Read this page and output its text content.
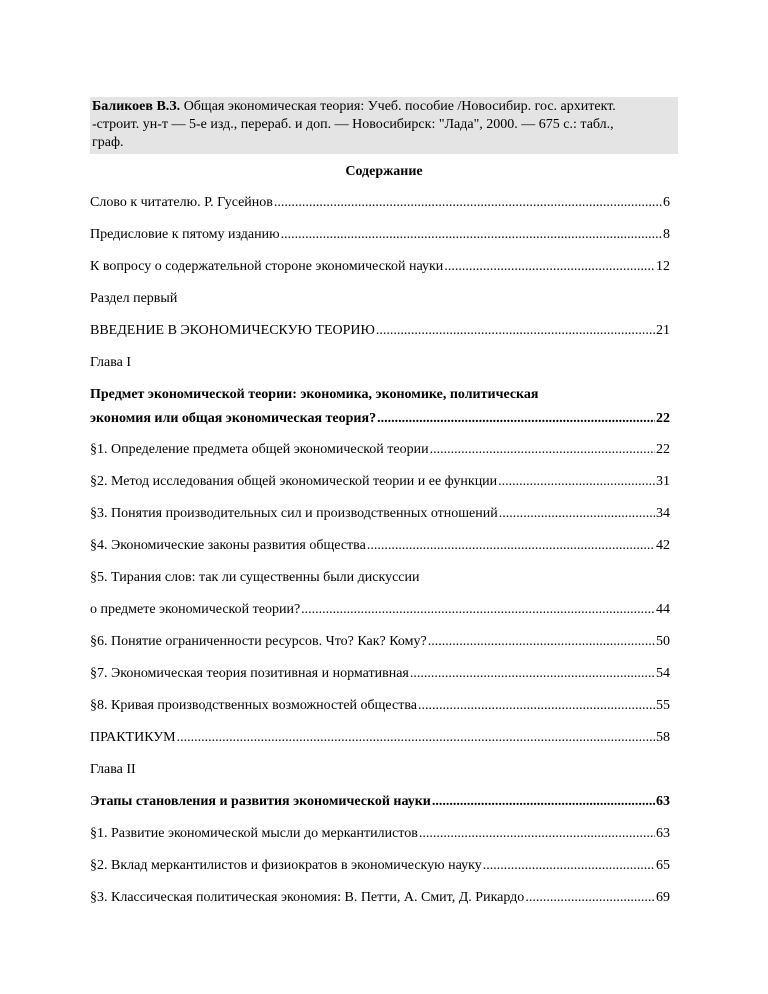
Баликоев В.З. Общая экономическая теория: Учеб. пособие /Новосибир. гос. архитект.
-строит. ун-т — 5-е изд., перераб. и доп. — Новосибирск: "Лада", 2000. — 675 с.: табл.,
граф.
Содержание
Слово к читателю. Р. Гусейнов .....	6
Предисловие к пятому изданию .....	8
К вопросу о содержательной стороне экономической науки .....	12
Раздел первый
ВВЕДЕНИЕ В ЭКОНОМИЧЕСКУЮ ТЕОРИЮ .....	21
Глава I
Предмет экономической теории: экономика, экономике, политическая
экономия или общая экономическая теория? .....	22
§1. Определение предмета общей экономической теории .....	22
§2. Метод исследования общей экономической теории и ее функции .....	31
§3. Понятия производительных сил и производственных отношений .....	34
§4. Экономические законы развития общества .....	42
§5. Тирания слов: так ли существенны были дискуссии
о предмете экономической теории? .....	44
§6. Понятие ограниченности ресурсов. Что? Как? Кому? .....	50
§7. Экономическая теория позитивная и нормативная .....	54
§8. Кривая производственных возможностей общества .....	55
ПРАКТИКУМ .....	58
Глава II
Этапы становления и развития экономической науки .....	63
§1. Развитие экономической мысли до меркантилистов .....	63
§2. Вклад меркантилистов и физиократов в экономическую науку .....	65
§3. Классическая политическая экономия: В. Петти, А. Смит, Д. Рикардо .....	69
